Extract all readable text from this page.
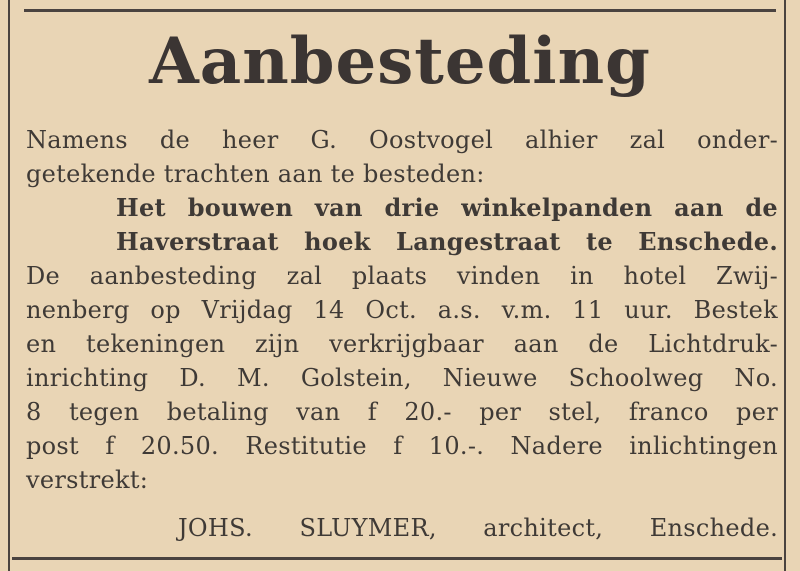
Aanbesteding

Namens de heer G. Oostvogel alhier zal onder-

getekende trachten aan te besteden:

Het bouwen van drie winkelpanden aan de

Haverstraat hoek Langestraat te Enschede.

De aanbesteding zal plaats vinden in hotel Zwij-

nenberg op Vrijdag 14 Oct. a.s. v.m. 11 uur. Bestek

en tekeningen zijn verkrijgbaar aan de Lichtdruk-

inrichting D. M. Golstein, Nieuwe Schoolweg No.

8 tegen betaling van f 20.- per stel, franco per

post f 20.50. Restitutie f 10.-. Nadere inlichtingen

verstrekt:

JOHS. SLUYMER, architect, Enschede.
